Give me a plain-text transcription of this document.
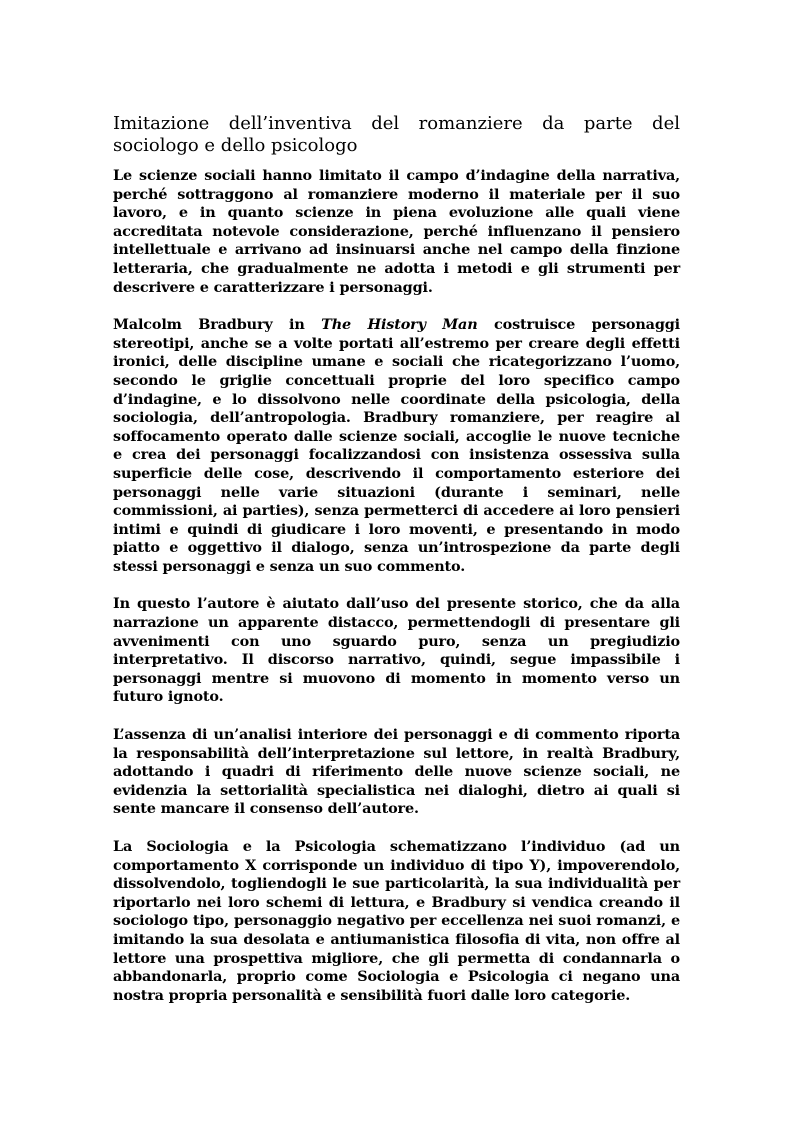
Imitazione dell’inventiva del romanziere da parte del sociologo e dello psicologo

Le scienze sociali hanno limitato il campo d’indagine della narrativa, perché sottraggono al romanziere moderno il materiale per il suo lavoro, e in quanto scienze in piena evoluzione alle quali viene accreditata notevole considerazione, perché influenzano il pensiero intellettuale e arrivano ad insinuarsi anche nel campo della finzione letteraria, che gradualmente ne adotta i metodi e gli strumenti per descrivere e caratterizzare i personaggi.

Malcolm Bradbury in The History Man costruisce personaggi stereotipi, anche se a volte portati all’estremo per creare degli effetti ironici, delle discipline umane e sociali che ricategorizzano l’uomo, secondo le griglie concettuali proprie del loro specifico campo d’indagine, e lo dissolvono nelle coordinate della psicologia, della sociologia, dell’antropologia. Bradbury romanziere, per reagire al soffocamento operato dalle scienze sociali, accoglie le nuove tecniche e crea dei personaggi focalizzandosi con insistenza ossessiva sulla superficie delle cose, descrivendo il comportamento esteriore dei personaggi nelle varie situazioni (durante i seminari, nelle commissioni, ai parties), senza permetterci di accedere ai loro pensieri intimi e quindi di giudicare i loro moventi, e presentando in modo piatto e oggettivo il dialogo, senza un’introspezione da parte degli stessi personaggi e senza un suo commento.

In questo l’autore è aiutato dall’uso del presente storico, che da alla narrazione un apparente distacco, permettendogli di presentare gli avvenimenti con uno sguardo puro, senza un pregiudizio interpretativo. Il discorso narrativo, quindi, segue impassibile i personaggi mentre si muovono di momento in momento verso un futuro ignoto.

L’assenza di un’analisi interiore dei personaggi e di commento riporta la responsabilità dell’interpretazione sul lettore, in realtà Bradbury, adottando i quadri di riferimento delle nuove scienze sociali, ne evidenzia la settorialità specialistica nei dialoghi, dietro ai quali si sente mancare il consenso dell’autore.

La Sociologia e la Psicologia schematizzano l’individuo (ad un comportamento X corrisponde un individuo di tipo Y), impoverendolo, dissolvendolo, togliendogli le sue particolarità, la sua individualità per riportarlo nei loro schemi di lettura, e Bradbury si vendica creando il sociologo tipo, personaggio negativo per eccellenza nei suoi romanzi, e imitando la sua desolata e antiumanistica filosofia di vita, non offre al lettore una prospettiva migliore, che gli permetta di condannarla o abbandonarla, proprio come Sociologia e Psicologia ci negano una nostra propria personalità e sensibilità fuori dalle loro categorie.
